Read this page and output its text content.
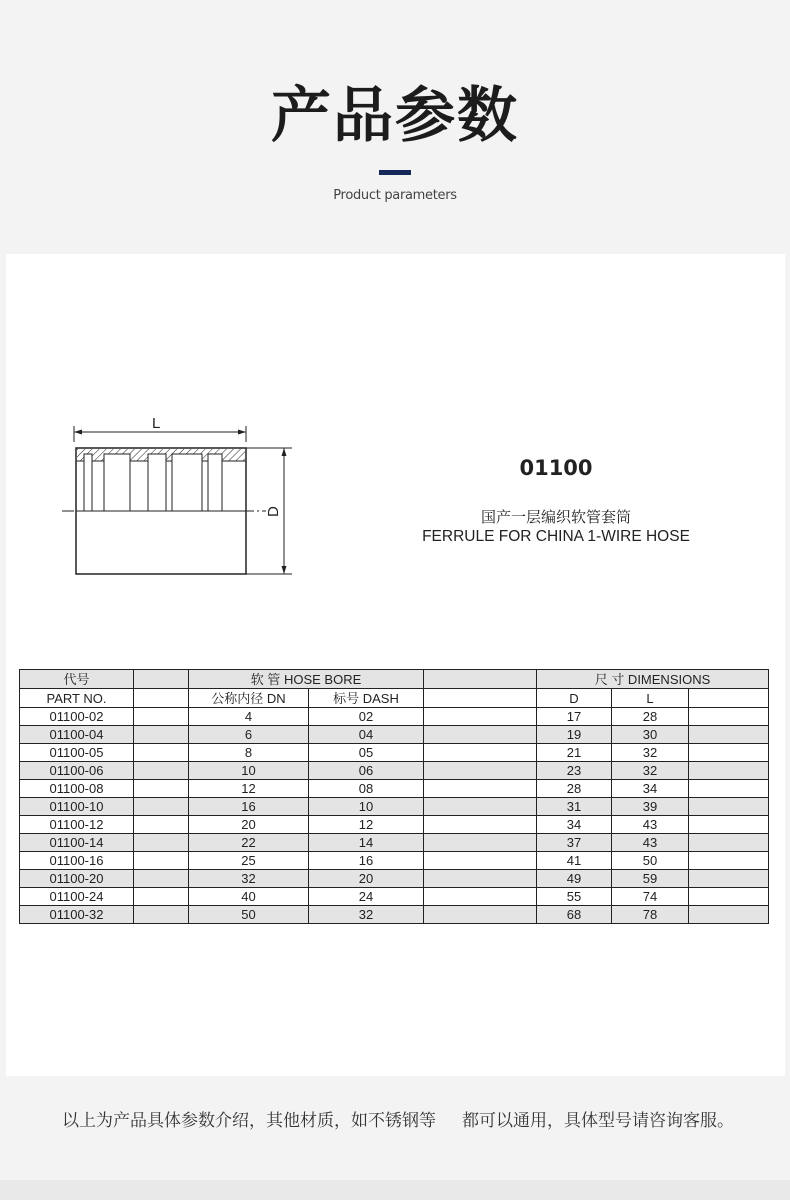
产品参数
Product parameters
L
D
01100
国产一层编织软管套筒
FERRULE FOR CHINA 1-WIRE HOSE
代号		软 管 HOSE BORE			尺 寸 DIMENSIONS		
PART NO.		公称内径 DN	标号 DASH		D	L	
01100-02		4	02		17	28	
01100-04		6	04		19	30	
01100-05		8	05		21	32	
01100-06		10	06		23	32	
01100-08		12	08		28	34	
01100-10		16	10		31	39	
01100-12		20	12		34	43	
01100-14		22	14		37	43	
01100-16		25	16		41	50	
01100-20		32	20		49	59	
01100-24		40	24		55	74	
01100-32		50	32		68	78	
以上为产品具体参数介绍，其他材质，如不锈钢等 都可以通用，具体型号请咨询客服。
